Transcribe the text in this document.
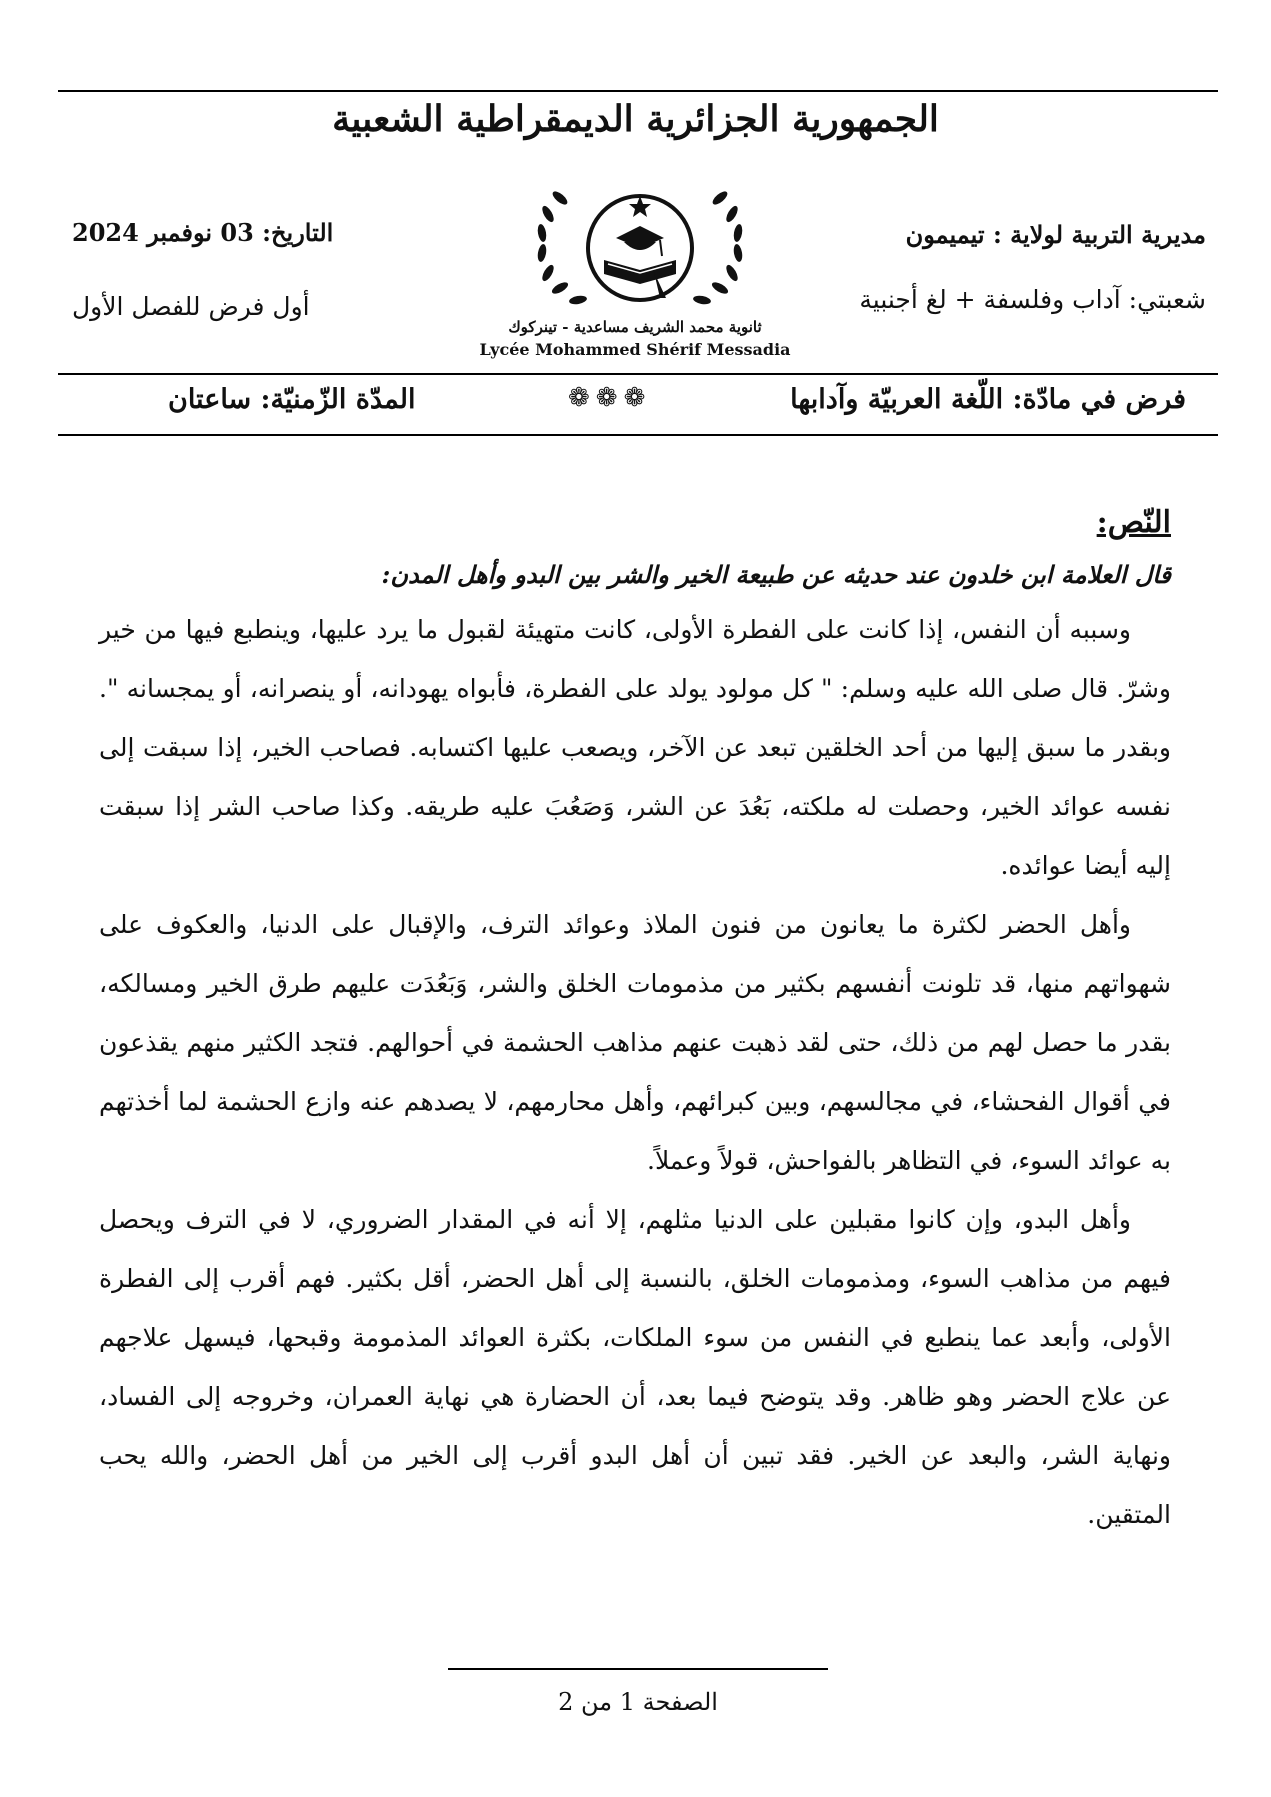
الجمهورية الجزائرية الديمقراطية الشعبية
مديرية التربية لولاية : تيميمون
شعبتي: آداب وفلسفة + لغ أجنبية
التاريخ: 03 نوفمبر 2024
أول فرض للفصل الأول
ثانوية محمد الشريف مساعدية - تينركوك
Lycée Mohammed Shérif Messadia
فرض في مادّة: اللّغة العربيّة وآدابها
❁❁❁
المدّة الزّمنيّة: ساعتان
النّص:
قال العلامة ابن خلدون عند حديثه عن طبيعة الخير والشر بين البدو وأهل المدن:

وسببه أن النفس، إذا كانت على الفطرة الأولى، كانت متهيئة لقبول ما يرد عليها، وينطبع فيها من خير وشرّ. قال صلى الله عليه وسلم: " كل مولود يولد على الفطرة، فأبواه يهودانه، أو ينصرانه، أو يمجسانه ". وبقدر ما سبق إليها من أحد الخلقين تبعد عن الآخر، ويصعب عليها اكتسابه. فصاحب الخير، إذا سبقت إلى نفسه عوائد الخير، وحصلت له ملكته، بَعُدَ عن الشر، وَصَعُبَ عليه طريقه. وكذا صاحب الشر إذا سبقت إليه أيضا عوائده.

وأهل الحضر لكثرة ما يعانون من فنون الملاذ وعوائد الترف، والإقبال على الدنيا، والعكوف على شهواتهم منها، قد تلونت أنفسهم بكثير من مذمومات الخلق والشر، وَبَعُدَت عليهم طرق الخير ومسالكه، بقدر ما حصل لهم من ذلك، حتى لقد ذهبت عنهم مذاهب الحشمة في أحوالهم. فتجد الكثير منهم يقذعون في أقوال الفحشاء، في مجالسهم، وبين كبرائهم، وأهل محارمهم، لا يصدهم عنه وازع الحشمة لما أخذتهم به عوائد السوء، في التظاهر بالفواحش، قولاً وعملاً.

وأهل البدو، وإن كانوا مقبلين على الدنيا مثلهم، إلا أنه في المقدار الضروري، لا في الترف ويحصل فيهم من مذاهب السوء، ومذمومات الخلق، بالنسبة إلى أهل الحضر، أقل بكثير. فهم أقرب إلى الفطرة الأولى، وأبعد عما ينطبع في النفس من سوء الملكات، بكثرة العوائد المذمومة وقبحها، فيسهل علاجهم عن علاج الحضر وهو ظاهر. وقد يتوضح فيما بعد، أن الحضارة هي نهاية العمران، وخروجه إلى الفساد، ونهاية الشر، والبعد عن الخير. فقد تبين أن أهل البدو أقرب إلى الخير من أهل الحضر، والله يحب المتقين.

الصفحة 1 من 2
